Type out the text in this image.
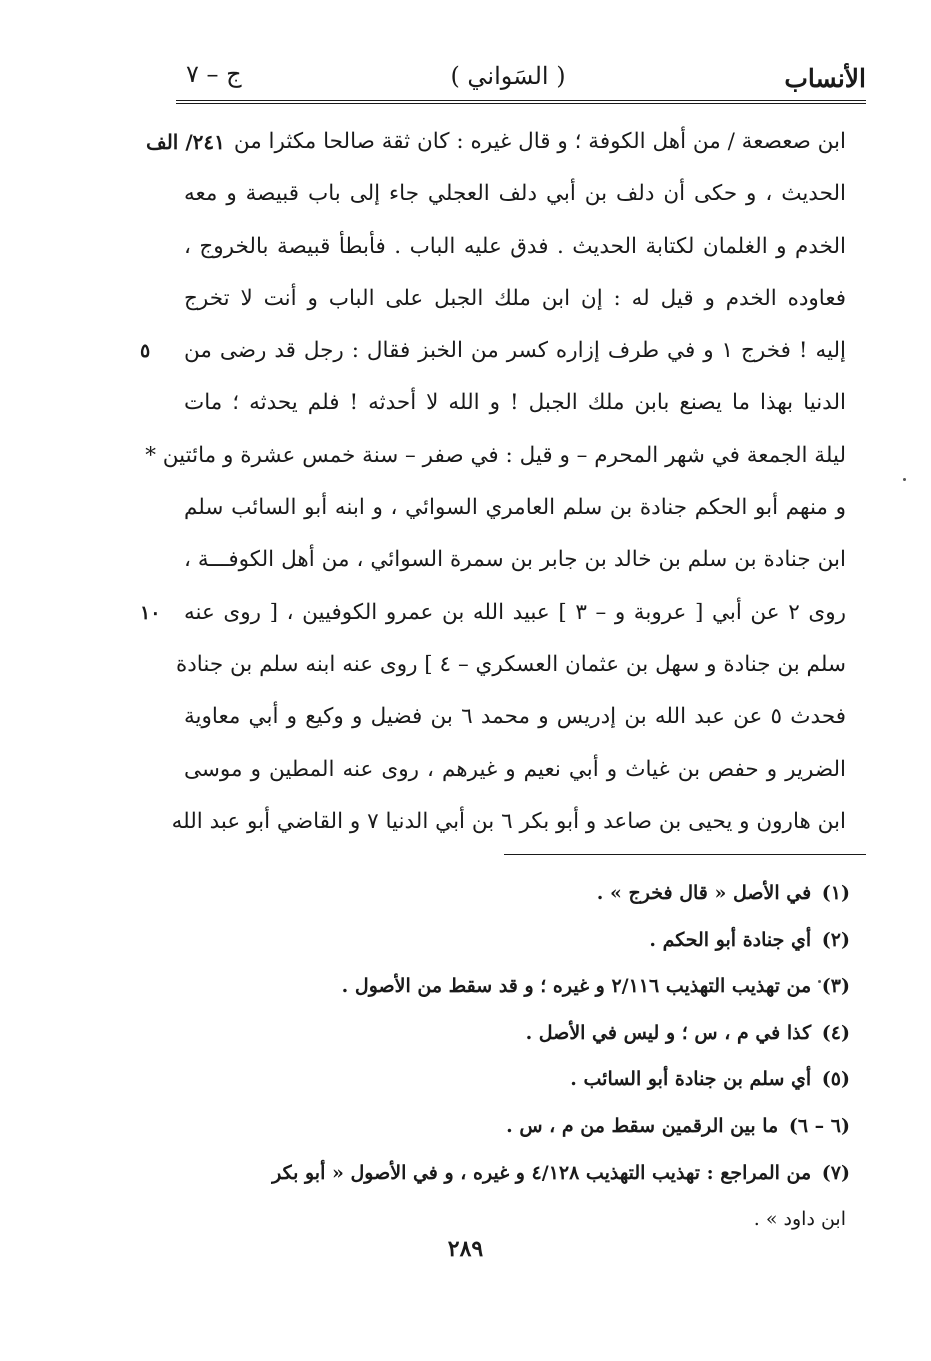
الأنساب
( السَواني )
ج – ٧
ابن صعصعة / من أهل الكوفة ؛ و قال غيره : كان ثقة صالحا مكثرا من
٢٤١/ الف
الحديث ، و حكى أن دلف بن أبي دلف العجلي جاء إلى باب قبيصة و معه
الخدم و الغلمان لكتابة الحديث . فدق عليه الباب . فأبطأ قبيصة بالخروج ،
فعاوده الخدم و قيل له : إن ابن ملك الجبل على الباب و أنت لا تخرج
إليه ! فخرج ١ و في طرف إزاره كسر من الخبز فقال : رجل قد رضى من
٥
الدنيا بهذا ما يصنع بابن ملك الجبل ! و الله لا أحدثه ! فلم يحدثه ؛ مات
ليلة الجمعة في شهر المحرم – و قيل : في صفر – سنة خمس عشرة و مائتين *
و منهم أبو الحكم جنادة بن سلم العامري السوائي ، و ابنه أبو السائب سلم
ابن جنادة بن سلم بن خالد بن جابر بن سمرة السوائي ، من أهل الكوفـــة ،
روى ٢ عن أبي [ عروبة و – ٣ ] عبيد الله بن عمرو الكوفيين ، [ روى عنه
١٠
سلم بن جنادة و سهل بن عثمان العسكري – ٤ ] روى عنه ابنه سلم بن جنادة
فحدث ٥ عن عبد الله بن إدريس و محمد ٦ بن فضيل و وكيع و أبي معاوية
الضرير و حفص بن غياث و أبي نعيم و غيرهم ، روى عنه المطين و موسى
ابن هارون و يحيى بن صاعد و أبو بكر ٦ بن أبي الدنيا ٧ و القاضي أبو عبد الله
(١) في الأصل « قال فخرج » .
(٢) أي جنادة أبو الحكم .
(٣) من تهذيب التهذيب ٢/١١٦ و غيره ؛ و قد سقط من الأصول .
(٤) كذا في م ، س ؛ و ليس في الأصل .
(٥) أي سلم بن جنادة أبو السائب .
(٦ – ٦) ما بين الرقمين سقط من م ، س .
(٧) من المراجع : تهذيب التهذيب ٤/١٢٨ و غيره ، و في الأصول « أبو بكر
ابن داود » .
٢٨٩
